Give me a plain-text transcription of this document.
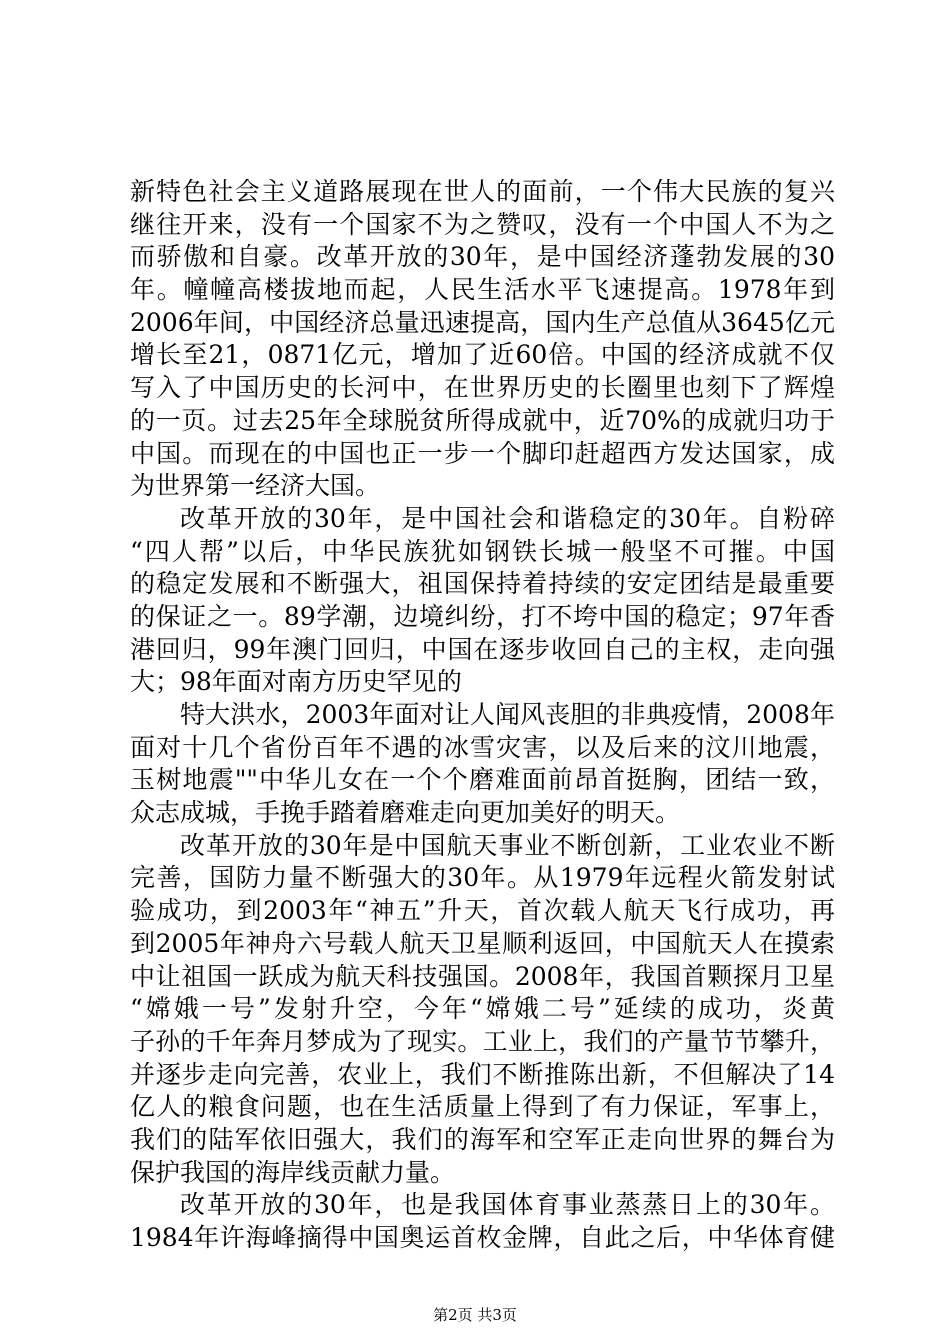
新特色社会主义道路展现在世人的面前，一个伟大民族的复兴
继往开来，没有一个国家不为之赞叹，没有一个中国人不为之
而骄傲和自豪。改革开放的30年，是中国经济蓬勃发展的30
年。幢幢高楼拔地而起，人民生活水平飞速提高。1978年到
2006年间，中国经济总量迅速提高，国内生产总值从3645亿元
增长至21，0871亿元，增加了近60倍。中国的经济成就不仅
写入了中国历史的长河中，在世界历史的长圈里也刻下了辉煌
的一页。过去25年全球脱贫所得成就中，近70%的成就归功于
中国。而现在的中国也正一步一个脚印赶超西方发达国家，成
为世界第一经济大国。
改革开放的30年，是中国社会和谐稳定的30年。自粉碎
“四人帮”以后，中华民族犹如钢铁长城一般坚不可摧。中国
的稳定发展和不断强大，祖国保持着持续的安定团结是最重要
的保证之一。89学潮，边境纠纷，打不垮中国的稳定；97年香
港回归，99年澳门回归，中国在逐步收回自己的主权，走向强
大；98年面对南方历史罕见的
特大洪水，2003年面对让人闻风丧胆的非典疫情，2008年
面对十几个省份百年不遇的冰雪灾害，以及后来的汶川地震，
玉树地震""中华儿女在一个个磨难面前昂首挺胸，团结一致，
众志成城，手挽手踏着磨难走向更加美好的明天。
改革开放的30年是中国航天事业不断创新，工业农业不断
完善，国防力量不断强大的30年。从1979年远程火箭发射试
验成功，到2003年“神五”升天，首次载人航天飞行成功，再
到2005年神舟六号载人航天卫星顺利返回，中国航天人在摸索
中让祖国一跃成为航天科技强国。2008年，我国首颗探月卫星
“嫦娥一号”发射升空，今年“嫦娥二号”延续的成功，炎黄
子孙的千年奔月梦成为了现实。工业上，我们的产量节节攀升，
并逐步走向完善，农业上，我们不断推陈出新，不但解决了14
亿人的粮食问题，也在生活质量上得到了有力保证，军事上，
我们的陆军依旧强大，我们的海军和空军正走向世界的舞台为
保护我国的海岸线贡献力量。
改革开放的30年，也是我国体育事业蒸蒸日上的30年。
1984年许海峰摘得中国奥运首枚金牌，自此之后，中华体育健
第2页 共3页
